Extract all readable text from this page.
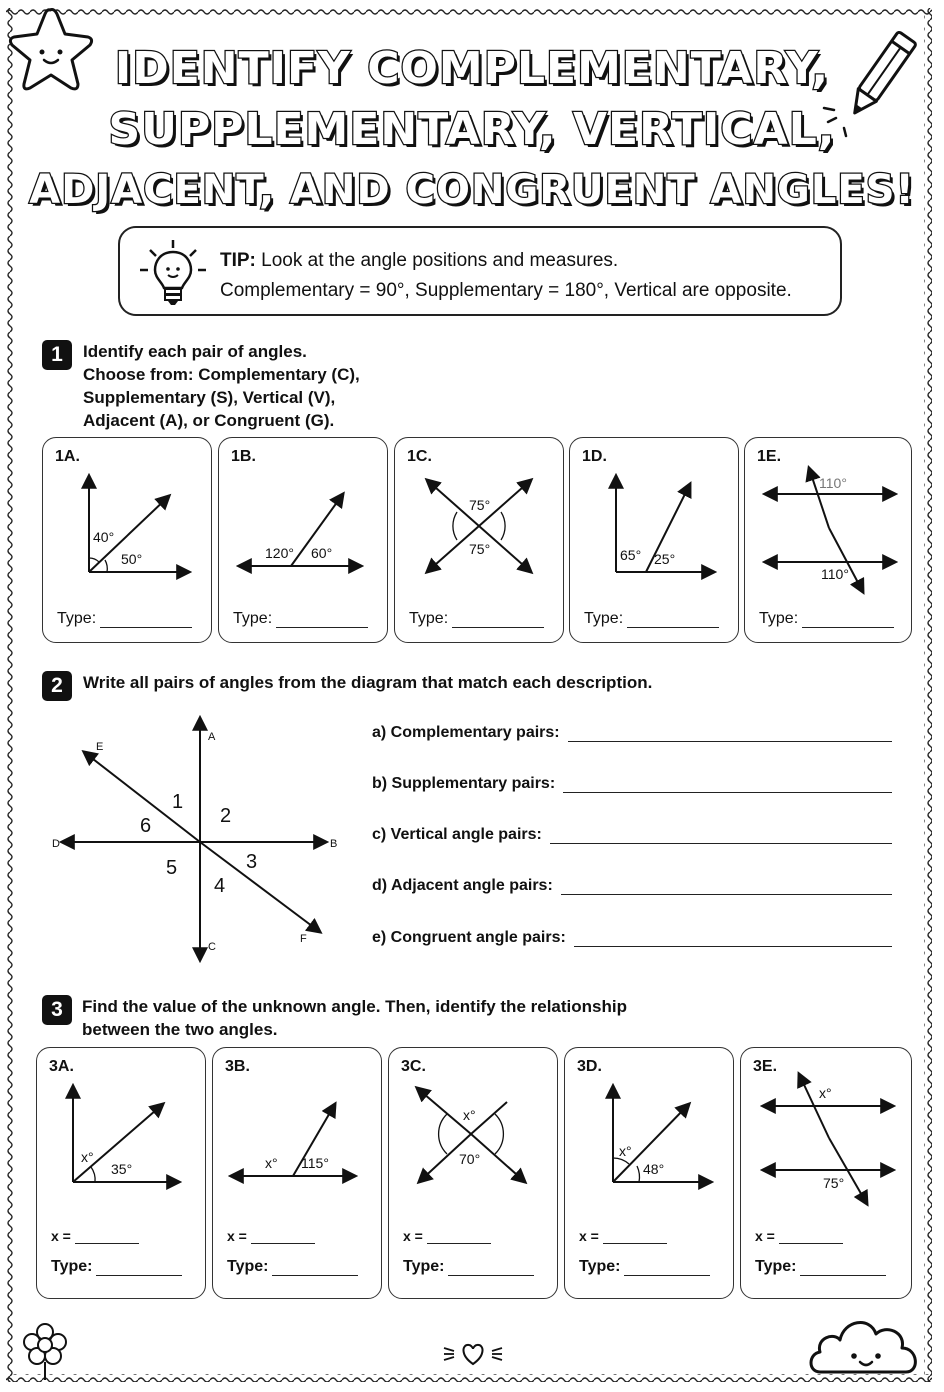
IDENTIFY COMPLEMENTARY,
SUPPLEMENTARY, VERTICAL,
ADJACENT, AND CONGRUENT ANGLES!
TIP: Look at the angle positions and measures.
Complementary = 90°, Supplementary = 180°, Vertical are opposite.
1	Identify each pair of angles.
Choose from: Complementary (C),
Supplementary (S), Vertical (V),
Adjacent (A), or Congruent (G).
1A.
40°
50°
Type:
1B.
120° 60°
Type:
1C.
75°
75°
Type:
1D.
65° 25°
Type:
1E.
110°
110°
Type:
2	Write all pairs of angles from the diagram that match each description.
A
B
C
D
E
F
1
2
3
4
5
6
a) Complementary pairs:
b) Supplementary pairs:
c) Vertical angle pairs:
d) Adjacent angle pairs:
e) Congruent angle pairs:
3	Find the value of the unknown angle. Then, identify the relationship
between the two angles.
3A.
x°
35°
x =
Type:
3B.
x° 115°
x =
Type:
3C.
x°
70°
x =
Type:
3D.
x°
48°
x =
Type:
3E.
x°
75°
x =
Type:
